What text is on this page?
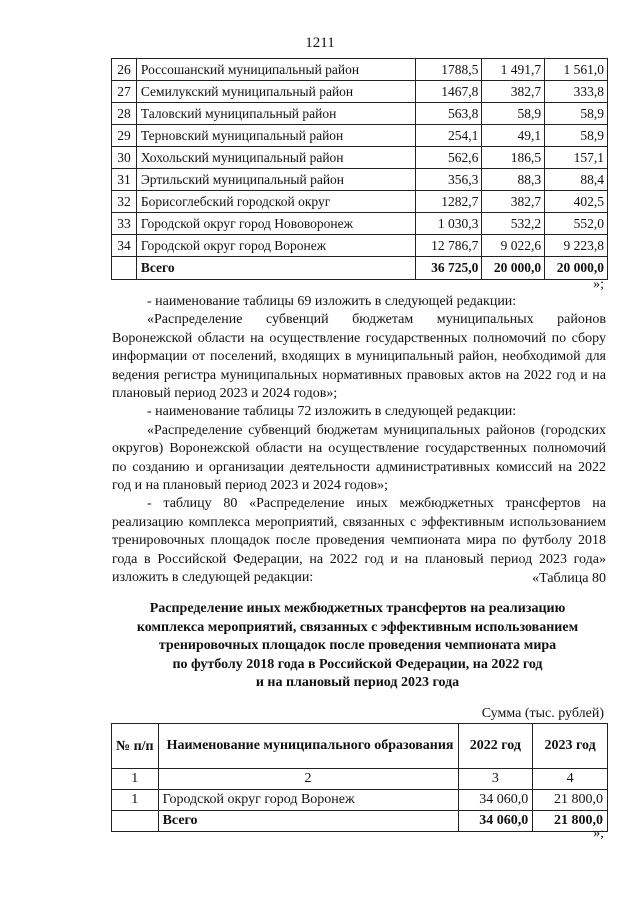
1211
26	Россошанский муниципальный район	1788,5	1 491,7	1 561,0
27	Семилукский муниципальный район	1467,8	382,7	333,8
28	Таловский муниципальный район	563,8	58,9	58,9
29	Терновский муниципальный район	254,1	49,1	58,9
30	Хохольский муниципальный район	562,6	186,5	157,1
31	Эртильский муниципальный район	356,3	88,3	88,4
32	Борисоглебский городской округ	1282,7	382,7	402,5
33	Городской округ город Нововоронеж	1 030,3	532,2	552,0
34	Городской округ город Воронеж	12 786,7	9 022,6	9 223,8
	Всего	36 725,0	20 000,0	20 000,0
»;

- наименование таблицы 69 изложить в следующей редакции:

«Распределение субвенций бюджетам муниципальных районов Воронежской области на осуществление государственных полномочий по сбору информации от поселений, входящих в муниципальный район, необходимой для ведения регистра муниципальных нормативных правовых актов на 2022 год и на плановый период 2023 и 2024 годов»;

- наименование таблицы 72 изложить в следующей редакции:

«Распределение субвенций бюджетам муниципальных районов (городских округов) Воронежской области на осуществление государственных полномочий по созданию и организации деятельности административных комиссий на 2022 год и на плановый период 2023 и 2024 годов»;

- таблицу 80 «Распределение иных межбюджетных трансфертов на реализацию комплекса мероприятий, связанных с эффективным использованием тренировочных площадок после проведения чемпионата мира по футболу 2018 года в Российской Федерации, на 2022 год и на плановый период 2023 года» изложить в следующей редакции:	«Таблица 80
Распределение иных межбюджетных трансфертов на реализацию
комплекса мероприятий, связанных с эффективным использованием
тренировочных площадок после проведения чемпионата мира
по футболу 2018 года в Российской Федерации, на 2022 год
и на плановый период 2023 года
Сумма (тыс. рублей)
№ п/п	Наименование муниципального образования	2022 год	2023 год
1	2	3	4
1	Городской округ город Воронеж	34 060,0	21 800,0
	Всего	34 060,0	21 800,0
»;
